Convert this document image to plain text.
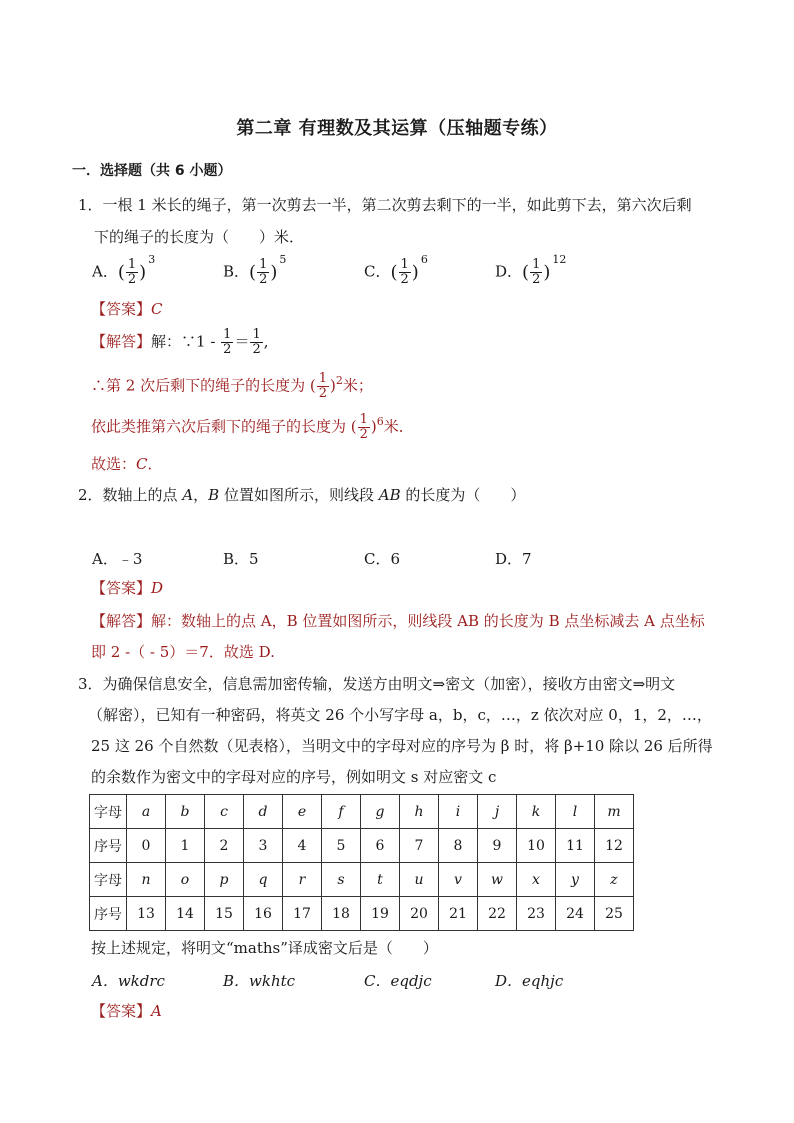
第二章 有理数及其运算（压轴题专练）
一．选择题（共 6 小题）
1．一根 1 米长的绳子，第一次剪去一半，第二次剪去剩下的一半，如此剪下去，第六次后剩
下的绳子的长度为（　　）米．
A．( $\frac{1}{2} )^3$
B．( $\frac{1}{2} )^5$
C．( $\frac{1}{2} )^6$
D．( $\frac{1}{2} )^{12}$
【答案】C
【解答】解：∵1 - $\frac{1}{2} = \frac{1}{2}$ ,
∴第 2 次后剩下的绳子的长度为 ( $\frac{1}{2} )^2$米；
依此类推第六次后剩下的绳子的长度为 ( $\frac{1}{2} )^6$米．
故选：C．
2．数轴上的点 A，B 位置如图所示，则线段 AB 的长度为（　　）
A．﹣3	B．5	C．6	D．7
【答案】D
【解答】解：数轴上的点 A，B 位置如图所示，则线段 AB 的长度为 B 点坐标减去 A 点坐标
即 2 -（ - 5）＝7．故选 D.
3．为确保信息安全，信息需加密传输，发送方由明文⇒密文（加密），接收方由密文⇒明文
（解密），已知有一种密码，将英文 26 个小写字母 a，b，c，…，z 依次对应 0，1，2，…，
25 这 26 个自然数（见表格），当明文中的字母对应的序号为 β 时，将 β+10 除以 26 后所得
的余数作为密文中的字母对应的序号，例如明文 s 对应密文 c
字母	a	b	c	d	e	f	g	h	i	j	k	l	m
序号	0	1	2	3	4	5	6	7	8	9	10	11	12
字母	n	o	p	q	r	s	t	u	v	w	x	y	z
序号	13	14	15	16	17	18	19	20	21	22	23	24	25
按上述规定，将明文“maths”译成密文后是（　　）
A．wkdrc	B．wkhtc	C．eqdjc	D．eqhjc
【答案】A
